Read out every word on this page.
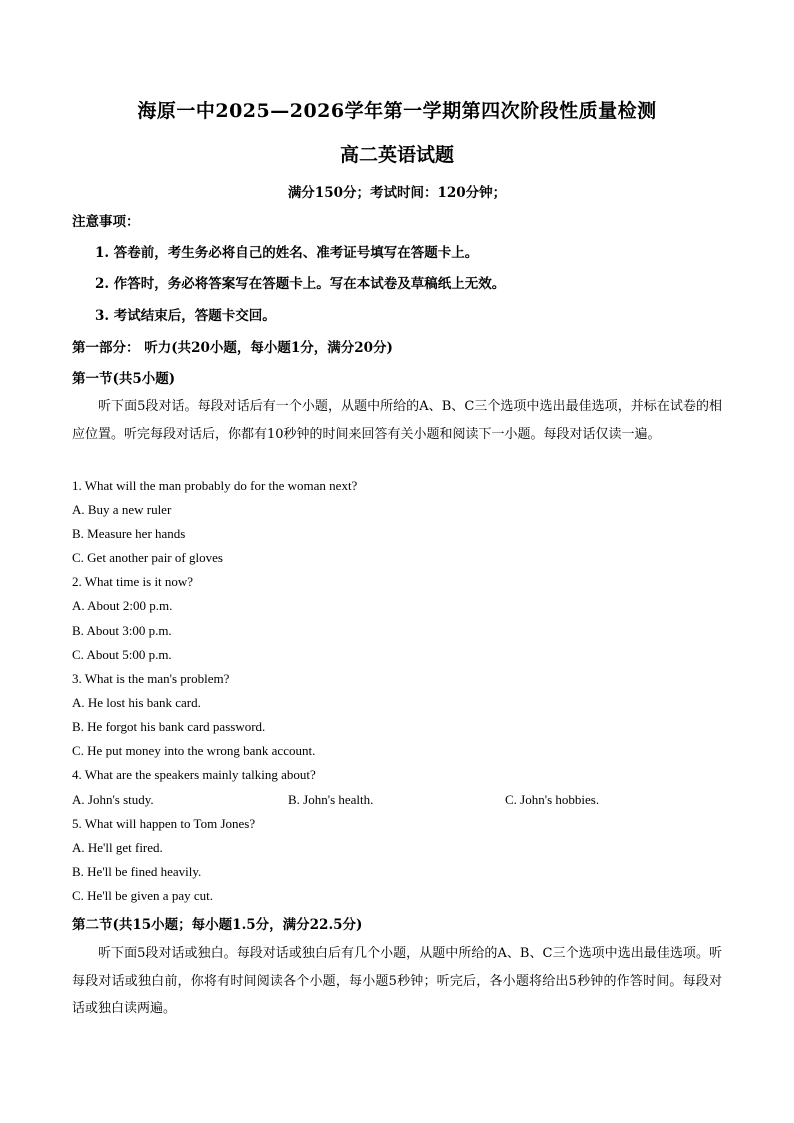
海原一中2025—2026学年第一学期第四次阶段性质量检测
高二英语试题
满分150分；考试时间：120分钟；
注意事项：
1. 答卷前，考生务必将自己的姓名、准考证号填写在答题卡上。
2. 作答时，务必将答案写在答题卡上。写在本试卷及草稿纸上无效。
3. 考试结束后，答题卡交回。
第一部分： 听力(共20小题，每小题1分，满分20分)
第一节(共5小题)
听下面5段对话。每段对话后有一个小题，从题中所给的A、B、C三个选项中选出最佳选项，并标在试卷的相应位置。听完每段对话后，你都有10秒钟的时间来回答有关小题和阅读下一小题。每段对话仅读一遍。
1. What will the man probably do for the woman next?
A. Buy a new ruler
B. Measure her hands
C. Get another pair of gloves
2. What time is it now?
A. About 2:00 p.m.
B. About 3:00 p.m.
C. About 5:00 p.m.
3. What is the man's problem?
A. He lost his bank card.
B. He forgot his bank card password.
C. He put money into the wrong bank account.
4. What are the speakers mainly talking about?
A. John's study.	B. John's health.	C. John's hobbies.
5. What will happen to Tom Jones?
A. He'll get fired.
B. He'll be fined heavily.
C. He'll be given a pay cut.
第二节(共15小题；每小题1.5分，满分22.5分)
听下面5段对话或独白。每段对话或独白后有几个小题，从题中所给的A、B、C三个选项中选出最佳选项。听每段对话或独白前，你将有时间阅读各个小题，每小题5秒钟；听完后，各小题将给出5秒钟的作答时间。每段对话或独白读两遍。
